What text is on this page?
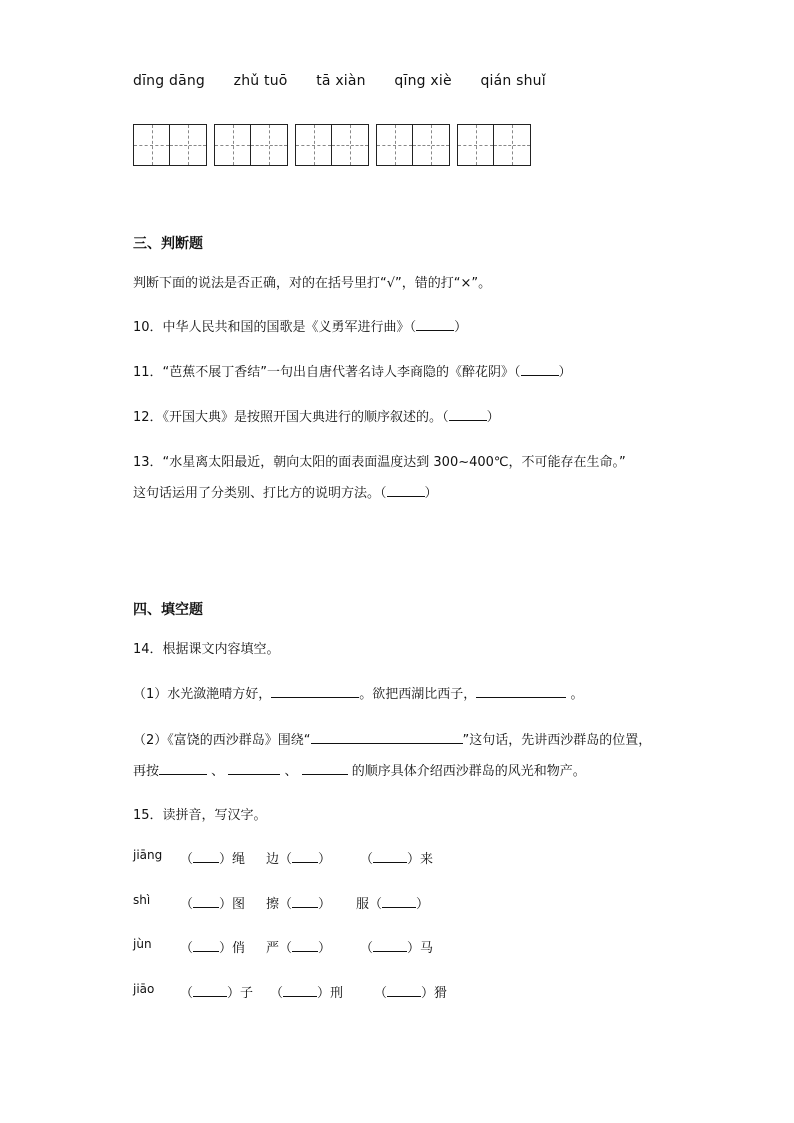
dīng dāng zhǔ tuō tā xiàn qīng xiè qián shuǐ
三、判断题
判断下面的说法是否正确，对的在括号里打“√”，错的打“×”。
10．中华人民共和国的国歌是《义勇军进行曲》（	）
11．“芭蕉不展丁香结”一句出自唐代著名诗人李商隐的《醉花阴》（	）
12．《开国大典》是按照开国大典进行的顺序叙述的。（	）
13．“水星离太阳最近，朝向太阳的面表面温度达到 300~400℃，不可能存在生命。”
这句话运用了分类别、打比方的说明方法。（	）
四、填空题
14．根据课文内容填空。
（1）水光潋滟晴方好，	。欲把西湖比西子，	。
（2）《富饶的西沙群岛》围绕“	”这句话，先讲西沙群岛的位置，
再按	、	、	的顺序具体介绍西沙群岛的风光和物产。
15．读拼音，写汉字。
jiāng （ ）绳 边（ ） （	）来
shì （ ）图 擦（ ） 服（	）
jùn （ ）俏 严（ ） （	）马
jiāo （	）子 （	）刑 （	）猾
